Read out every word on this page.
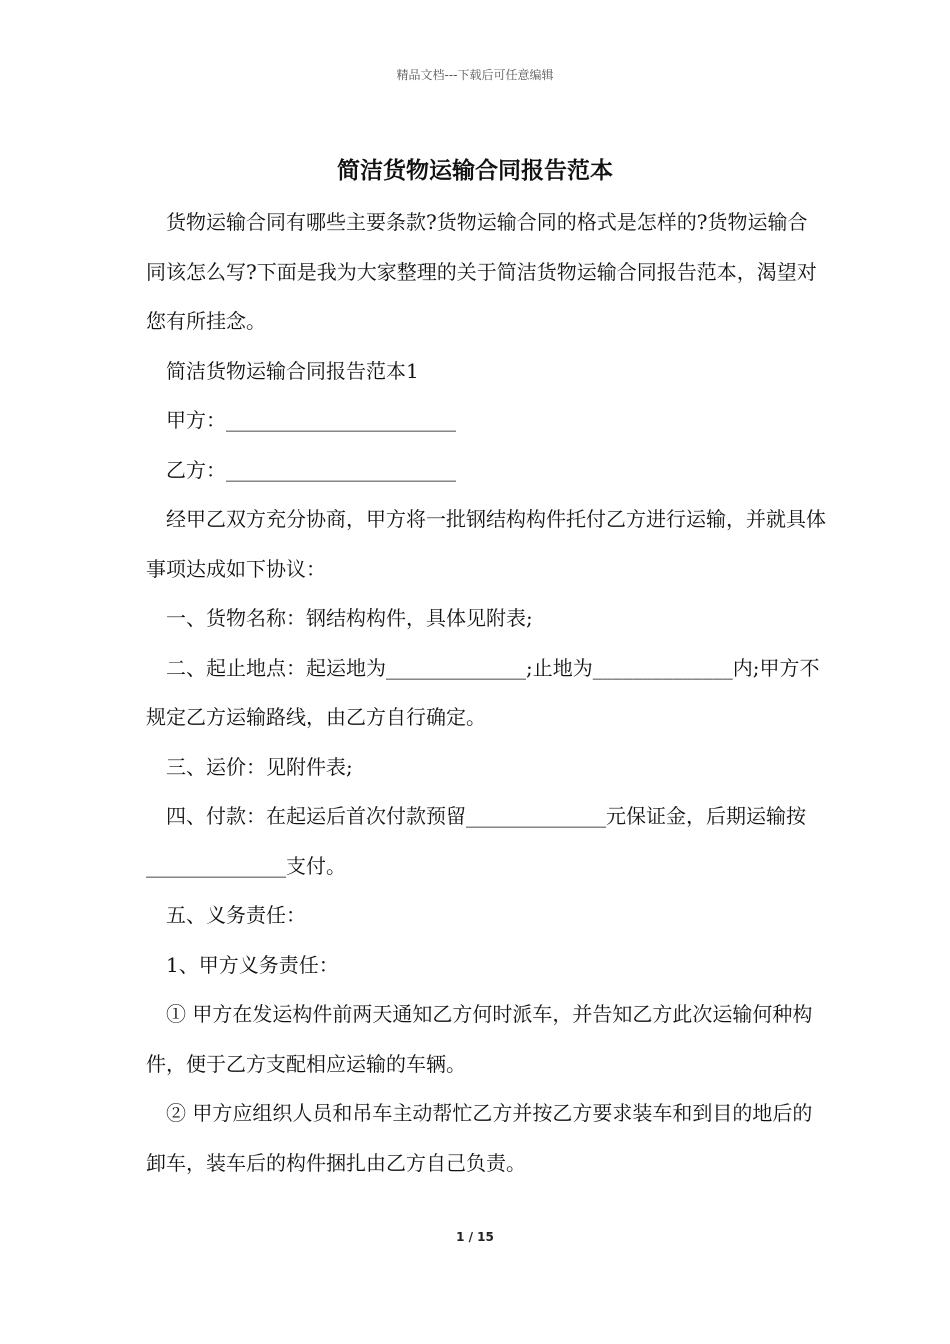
精品文档---下载后可任意编辑
简洁货物运输合同报告范本

货物运输合同有哪些主要条款?货物运输合同的格式是怎样的?货物运输合同该怎么写?下面是我为大家整理的关于简洁货物运输合同报告范本，渴望对您有所挂念。

简洁货物运输合同报告范本1

甲方：_______________________

乙方：_______________________

经甲乙双方充分协商，甲方将一批钢结构构件托付乙方进行运输，并就具体事项达成如下协议：

一、货物名称：钢结构构件，具体见附表;

二、起止地点：起运地为______________;止地为______________内;甲方不规定乙方运输路线，由乙方自行确定。

三、运价：见附件表;

四、付款：在起运后首次付款预留______________元保证金，后期运输按______________支付。

五、义务责任：

1、甲方义务责任：

① 甲方在发运构件前两天通知乙方何时派车，并告知乙方此次运输何种构件，便于乙方支配相应运输的车辆。

② 甲方应组织人员和吊车主动帮忙乙方并按乙方要求装车和到目的地后的卸车，装车后的构件捆扎由乙方自己负责。

1 / 15
